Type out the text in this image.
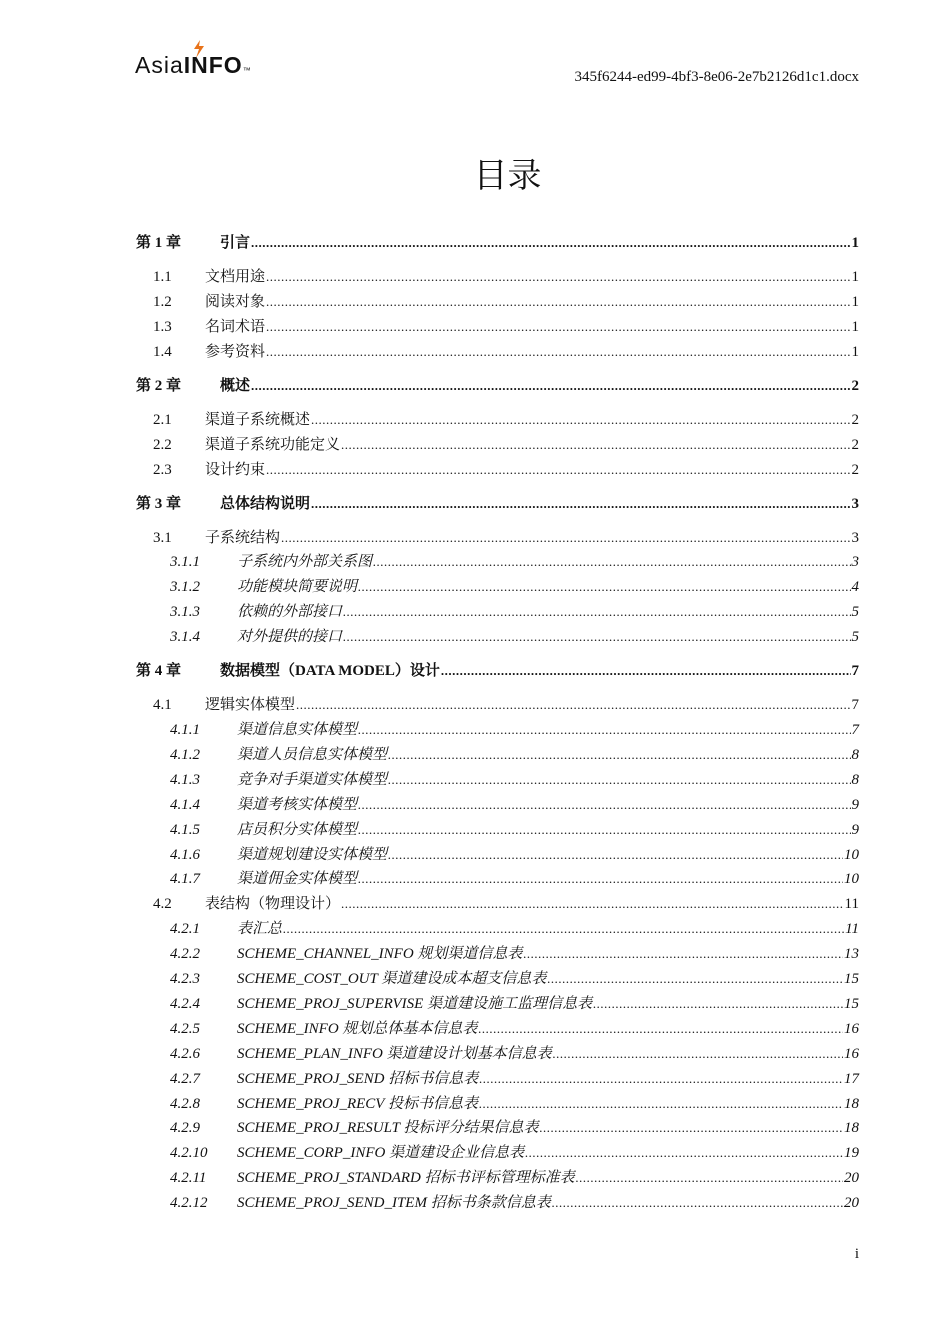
AsiaINFO™	345f6244-ed99-4bf3-8e06-2e7b2126d1c1.docx
目录
第 1 章	引言 .....	1
1.1	文档用途 .....	1
1.2	阅读对象 .....	1
1.3	名词术语 .....	1
1.4	参考资料 .....	1
第 2 章	概述 .....	2
2.1	渠道子系统概述 .....	2
2.2	渠道子系统功能定义 .....	2
2.3	设计约束 .....	2
第 3 章	总体结构说明 .....	3
3.1	子系统结构 .....	3
3.1.1	子系统内外部关系图 .....	3
3.1.2	功能模块简要说明 .....	4
3.1.3	依赖的外部接口 .....	5
3.1.4	对外提供的接口 .....	5
第 4 章	数据模型（DATA MODEL）设计 .....	7
4.1	逻辑实体模型 .....	7
4.1.1	渠道信息实体模型 .....	7
4.1.2	渠道人员信息实体模型 .....	8
4.1.3	竞争对手渠道实体模型 .....	8
4.1.4	渠道考核实体模型 .....	9
4.1.5	店员积分实体模型 .....	9
4.1.6	渠道规划建设实体模型 .....	10
4.1.7	渠道佣金实体模型 .....	10
4.2	表结构（物理设计） .....	11
4.2.1	表汇总 .....	11
4.2.2	SCHEME_CHANNEL_INFO 规划渠道信息表 .....	13
4.2.3	SCHEME_COST_OUT 渠道建设成本超支信息表 .....	15
4.2.4	SCHEME_PROJ_SUPERVISE 渠道建设施工监理信息表 .....	15
4.2.5	SCHEME_INFO 规划总体基本信息表 .....	16
4.2.6	SCHEME_PLAN_INFO 渠道建设计划基本信息表 .....	16
4.2.7	SCHEME_PROJ_SEND 招标书信息表 .....	17
4.2.8	SCHEME_PROJ_RECV 投标书信息表 .....	18
4.2.9	SCHEME_PROJ_RESULT 投标评分结果信息表 .....	18
4.2.10	SCHEME_CORP_INFO 渠道建设企业信息表 .....	19
4.2.11	SCHEME_PROJ_STANDARD 招标书评标管理标准表 .....	20
4.2.12	SCHEME_PROJ_SEND_ITEM 招标书条款信息表 .....	20
i
